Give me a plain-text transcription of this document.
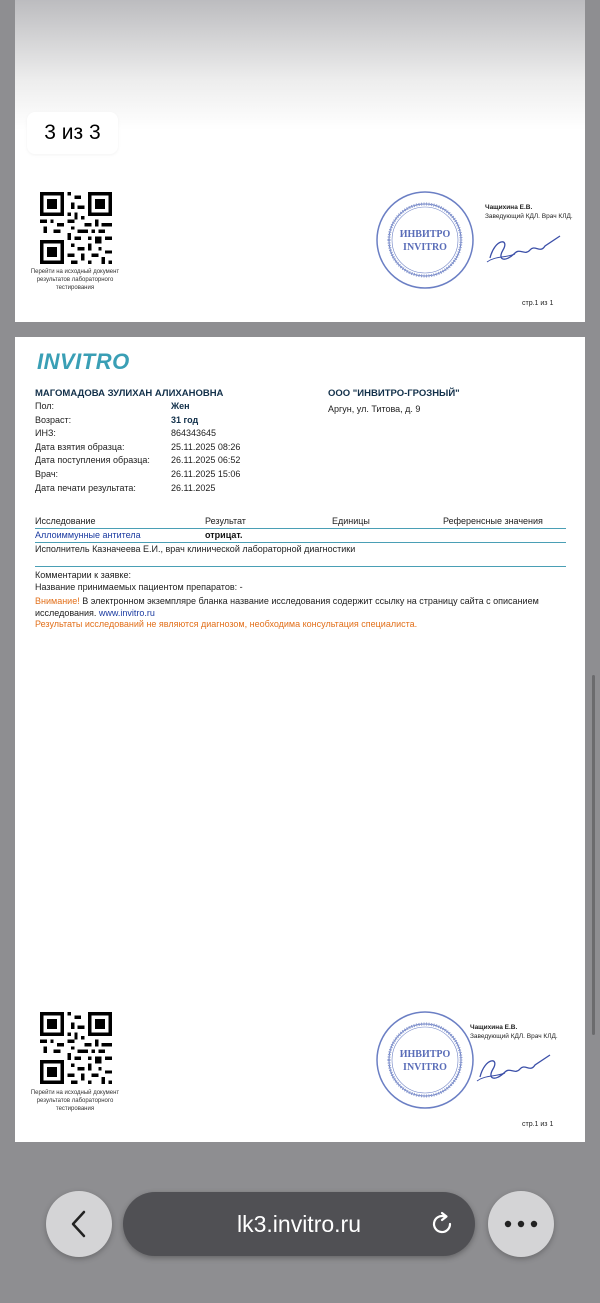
Перейти на исходный документ результатов лабораторного тестирования
ИНВИТРО
INVITRO
Чащихина Е.В.
Заведующий КДЛ. Врач КЛД.
стр.1 из 1
3 из 3
INVITRO
МАГОМАДОВА ЗУЛИХАН АЛИХАНОВНА	ООО "ИНВИТРО-ГРОЗНЫЙ"
Аргун, ул. Титова, д. 9
Пол:	Жен
Возраст:	31 год
ИНЗ:	864343645
Дата взятия образца:	25.11.2025 08:26
Дата поступления образца:	26.11.2025 06:52
Врач:	26.11.2025 15:06
Дата печати результата:	26.11.2025
Исследование	Результат	Единицы	Референсные значения
Аллоиммунные антитела	отрицат.
Исполнитель Казначеева Е.И., врач клинической лабораторной диагностики
Комментарии к заявке:
Название принимаемых пациентом препаратов: -
Внимание! В электронном экземпляре бланка название исследования содержит ссылку на страницу сайта с описанием исследования. www.invitro.ru
Результаты исследований не являются диагнозом, необходима консультация специалиста.
Перейти на исходный документ результатов лабораторного тестирования
ИНВИТРО
INVITRO
Чащихина Е.В.
Заведующий КДЛ. Врач КЛД.
стр.1 из 1
lk3.invitro.ru
